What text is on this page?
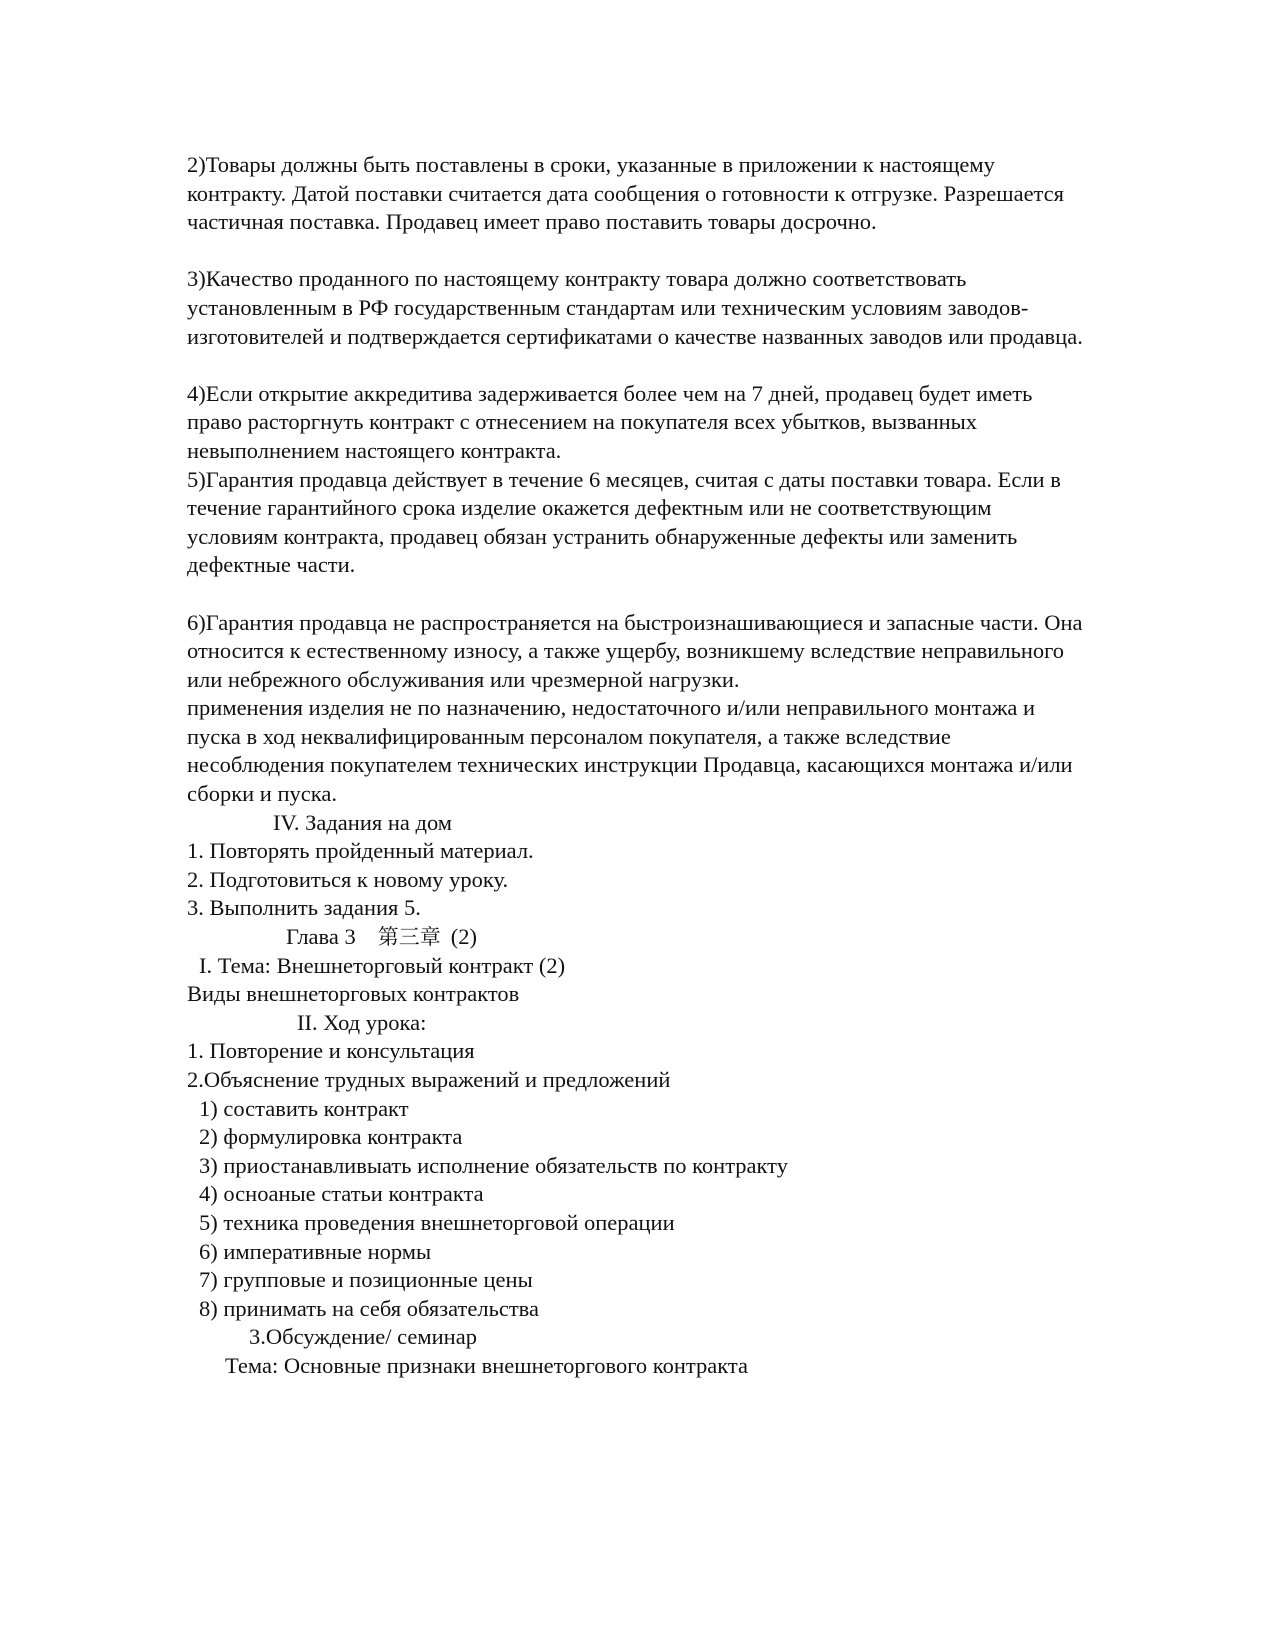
2)Товары должны быть поставлены в сроки, указанные в приложении к настоящему контракту. Датой поставки считается дата сообщения о готовности к отгрузке. Разрешается частичная поставка. Продавец имеет право поставить товары досрочно.

3)Качество проданного по настоящему контракту товара должно соответствовать установленным в РФ государственным стандартам или техническим условиям заводов-изготовителей и подтверждается сертификатами о качестве названных заводов или продавца.

4)Если открытие аккредитива задерживается более чем на 7 дней, продавец будет иметь право расторгнуть контракт с отнесением на покупателя всех убытков, вызванных невыполнением настоящего контракта.

5)Гарантия продавца действует в течение 6 месяцев, считая с даты поставки товара. Если в течение гарантийного срока изделие окажется дефектным или не соответствующим условиям контракта, продавец обязан устранить обнаруженные дефекты или заменить дефектные части.

6)Гарантия продавца не распространяется на быстроизнашивающиеся и запасные части. Она относится к естественному износу, а также ущербу, возникшему вследствие неправильного или небрежного обслуживания или чрезмерной нагрузки.

применения изделия не по назначению, недостаточного и/или неправильного монтажа и пуска в ход неквалифицированным персоналом покупателя, а также вследствие несоблюдения покупателем технических инструкции Продавца, касающихся монтажа и/или сборки и пуска.

IV. Задания на дом
1. Повторять пройденный материал.
2. Подготовиться к новому уроку.
3. Выполнить задания 5.
Глава 3 第三章 (2)
I. Тема: Внешнеторговый контракт (2)
Виды внешнеторговых контрактов
II. Ход урока:
1. Повторение и консультация
2.Объяснение трудных выражений и предложений
1) составить контракт
2) формулировка контракта
3) приостанавливыать исполнение обязательств по контракту
4) осноаные статьи контракта
5) техника проведения внешнеторговой операции
6) императивные нормы
7) групповые и позиционные цены
8) принимать на себя обязательства
3.Обсуждение/ семинар
Тема: Основные признаки внешнеторгового контракта
